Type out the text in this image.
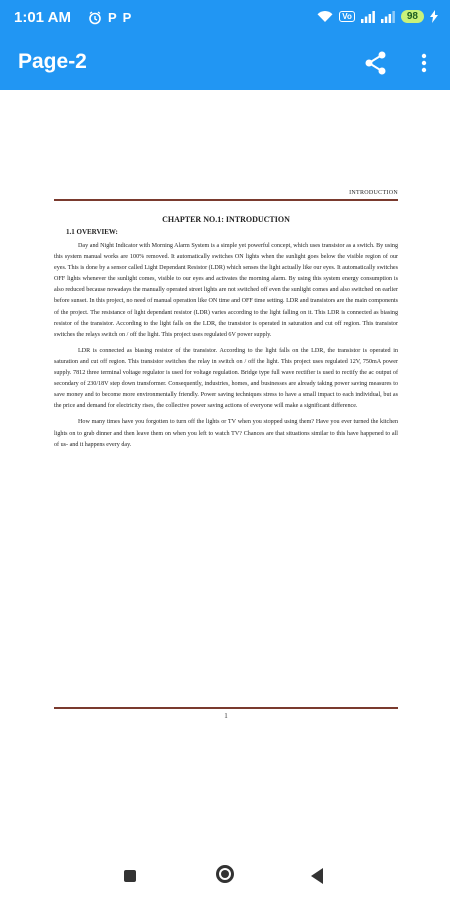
1:01 AM	P P	Vo	98
Page-2
INTRODUCTION
CHAPTER NO.1: INTRODUCTION
1.1 OVERVIEW:

Day and Night Indicator with Morning Alarm System is a simple yet powerful concept, which uses transistor as a switch. By using this system manual works are 100% removed. It automatically switches ON lights when the sunlight goes below the visible region of our eyes. This is done by a sensor called Light Dependant Resistor (LDR) which senses the light actually like our eyes. It automatically switches OFF lights whenever the sunlight comes, visible to our eyes and activates the morning alarm. By using this system energy consumption is also reduced because nowadays the manually operated street lights are not switched off even the sunlight comes and also switched on earlier before sunset. In this project, no need of manual operation like ON time and OFF time setting. LDR and transistors are the main components of the project. The resistance of light dependant resistor (LDR) varies according to the light falling on it. This LDR is connected as biasing resistor of the transistor. According to the light falls on the LDR, the transistor is operated in saturation and cut off region. This transistor switches the relays switch on / off the light. This project uses regulated 6V power supply.

LDR is connected as biasing resistor of the transistor. According to the light falls on the LDR, the transistor is operated in saturation and cut off region. This transistor switches the relay in switch on / off the light. This project uses regulated 12V, 750mA power supply. 7812 three terminal voltage regulator is used for voltage regulation. Bridge type full wave rectifier is used to rectify the ac output of secondary of 230/18V step down transformer. Consequently, industries, homes, and businesses are already taking power saving measures to save money and to become more environmentally friendly. Power saving techniques stress to have a small impact to each individual, but as the price and demand for electricity rises, the collective power saving actions of everyone will make a significant difference.

How many times have you forgotten to turn off the lights or TV when you stopped using them? Have you ever turned the kitchen lights on to grab dinner and then leave them on when you left to watch TV? Chances are that situations similar to this have happened to all of us- and it happens every day.

1
